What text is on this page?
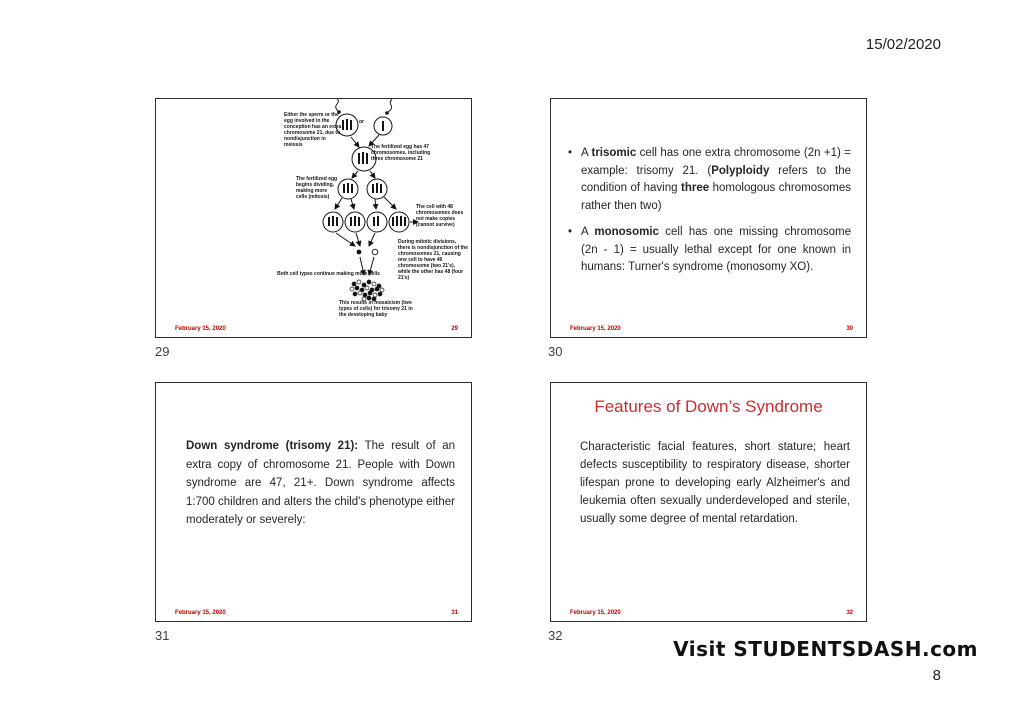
15/02/2020
Either the sperm or the egg involved in the conception has an extra chromosome 21, due to nondisjunction in meiosis
or
The fertilized egg has 47 chromosomes, including three chromosome 21
The fertilized egg begins dividing, making more cells (mitosis)
The cell with 48 chromosomes does not make copies (cannot survive)
During mitotic divisions, there is nondisjunction of the chromosomes 21, causing one cell to have 46 chromosome (two 21's), while the other has 48 (four 21's)
Both cell types continue making more cells
This results in mosaicism (two types of cells) for trisomy 21 in the developing baby
February 15, 2020	29
• A trisomic cell has one extra chromosome (2n +1) = example: trisomy 21. (Polyploidy refers to the condition of having three homologous chromosomes rather then two)
• A monosomic cell has one missing chromosome (2n - 1) = usually lethal except for one known in humans: Turner's syndrome (monosomy XO).
February 15, 2020	30
Down syndrome (trisomy 21): The result of an extra copy of chromosome 21. People with Down syndrome are 47, 21+. Down syndrome affects 1:700 children and alters the child's phenotype either moderately or severely:
February 15, 2020	31
Features of Down’s Syndrome
Characteristic facial features, short stature; heart defects susceptibility to respiratory disease, shorter lifespan prone to developing early Alzheimer's and leukemia often sexually underdeveloped and sterile, usually some degree of mental retardation.
February 15, 2020	32
29	30
31	32
Visit STUDENTSDASH.com
8
